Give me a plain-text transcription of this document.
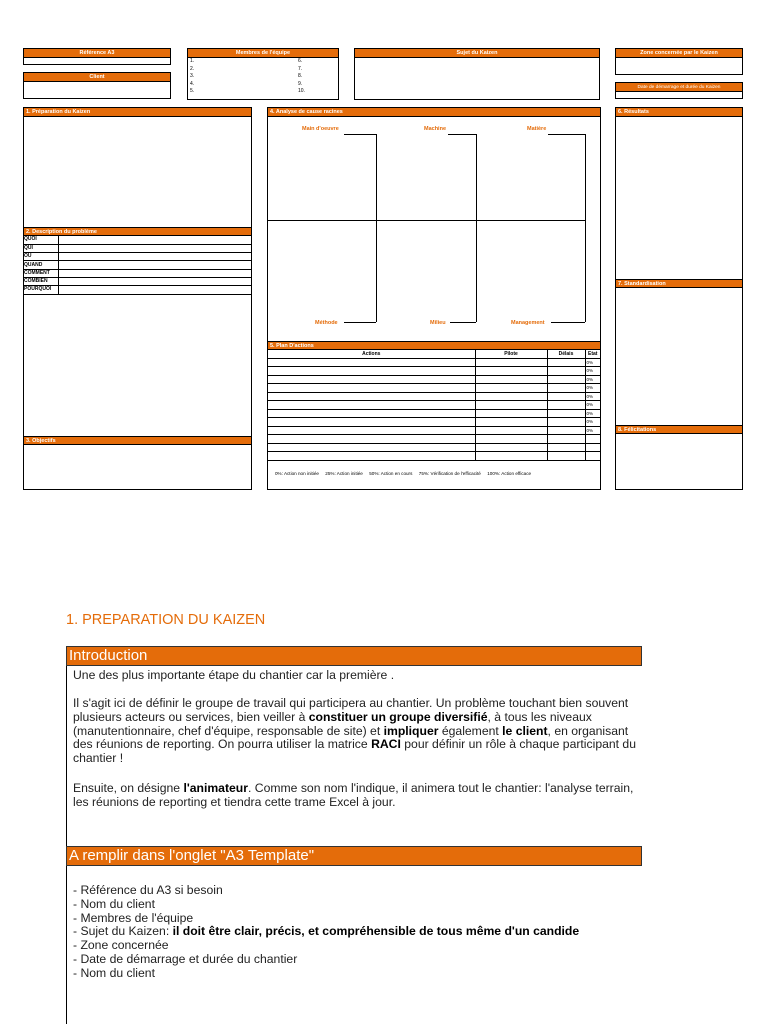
Référence A3
Client
Membres de l'équipe
1.	6.
2.	7.
3.	8.
4.	9.
5.	10.
Sujet du Kaizen	Zone concernée par le Kaizen
Date de démarrage et durée du Kaizen
1. Préparation du Kaizen
2. Description du problème
QUOI	
QUI	
OU	
QUAND	
COMMENT	
COMBIEN	
POURQUOI	
3. Objectifs
4. Analyse de cause racines
Main d'oeuvre	Machine	Matière
Méthode	Milieu	Management
5. Plan D'actions
Actions	Pilote	Délais	Etat
			0%
			0%
			0%
			0%
			0%
			0%
			0%
			0%
			0%

0%: Action non initiée     25%: Action initiée     50%: Action en cours     75%: Vérification de l'efficacité     100%: Action efficace
6. Résultats
7. Standardisation
8. Félicitations
1. PREPARATION DU KAIZEN
Introduction
Une des plus importante étape du chantier car la première .
Il s'agit ici de définir le groupe de travail qui participera au chantier. Un problème touchant bien souvent plusieurs acteurs ou services, bien veiller à constituer un groupe diversifié, à tous les niveaux (manutentionnaire, chef d'équipe, responsable de site) et impliquer également le client, en organisant des réunions de reporting. On pourra utiliser la matrice RACI pour définir un rôle à chaque participant du chantier !
Ensuite, on désigne l'animateur. Comme son nom l'indique, il animera tout le chantier: l'analyse terrain, les réunions de reporting et tiendra cette trame Excel à jour.
A remplir dans l'onglet "A3 Template"
- Référence du A3 si besoin
- Nom du client
- Membres de l'équipe
- Sujet du Kaizen: il doit être clair, précis, et compréhensible de tous même d'un candide
- Zone concernée
- Date de démarrage et durée du chantier
- Nom du client
